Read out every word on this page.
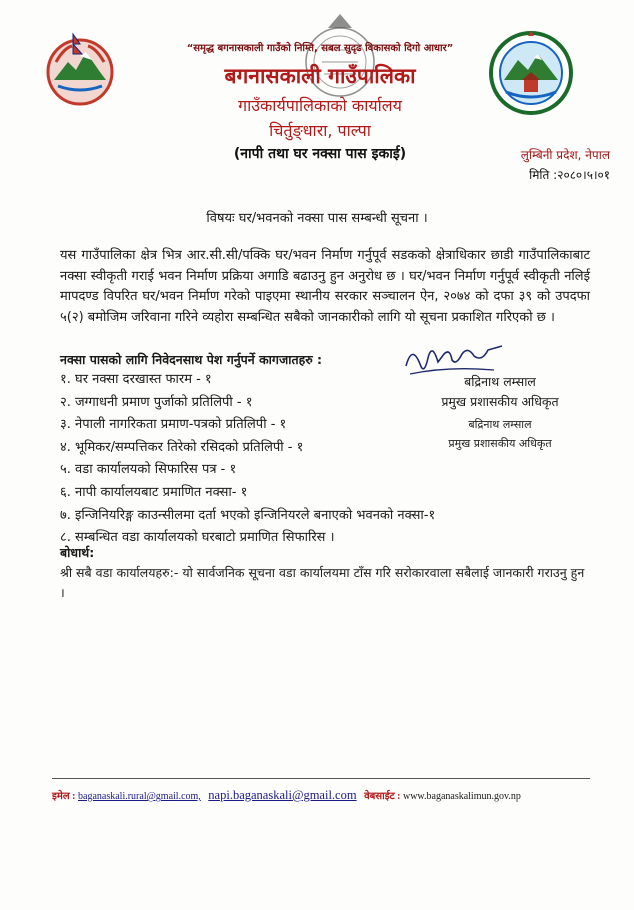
“समृद्ध बगनासकाली गाउँको निम्ति, सबल सुदृढ विकासको दिगो आधार”
बगनासकाली गाउँपालिका
गाउँकार्यपालिकाको कार्यालय
चिर्तुङ्धारा, पाल्पा
(नापी तथा घर नक्सा पास इकाई)	लुम्बिनी प्रदेश, नेपाल
मिति :२०८०।५।०१
विषयः घर/भवनको नक्सा पास सम्बन्धी सूचना ।

यस गाउँपालिका क्षेत्र भित्र आर.सी.सी/पक्कि घर/भवन निर्माण गर्नुपूर्व सडकको क्षेत्राधिकार छाडी गाउँपालिकाबाट नक्सा स्वीकृती गराई भवन निर्माण प्रक्रिया अगाडि बढाउनु हुन अनुरोध छ । घर/भवन निर्माण गर्नुपूर्व स्वीकृती नलिई मापदण्ड विपरित घर/भवन निर्माण गरेको पाइएमा स्थानीय सरकार सञ्चालन ऐन, २०७४ को दफा ३९ को उपदफा ५(२) बमोजिम जरिवाना गरिने व्यहोरा सम्बन्धित सबैको जानकारीको लागि यो सूचना प्रकाशित गरिएको छ ।

नक्सा पासको लागि निवेदनसाथ पेश गर्नुपर्ने कागजातहरु :
१. घर नक्सा दरखास्त फारम - १
२. जग्गाधनी प्रमाण पुर्जाको प्रतिलिपी - १
३. नेपाली नागरिकता प्रमाण-पत्रको प्रतिलिपी - १
४. भूमिकर/सम्पत्तिकर तिरेको रसिदको प्रतिलिपी - १
५. वडा कार्यालयको सिफारिस पत्र - १
६. नापी कार्यालयबाट प्रमाणित नक्सा- १
७. इन्जिनियरिङ्ग काउन्सीलमा दर्ता भएको इन्जिनियरले बनाएको भवनको नक्सा-१
८. सम्बन्धित वडा कार्यालयको घरबाटो प्रमाणित सिफारिस ।
बद्रिनाथ लम्साल
प्रमुख प्रशासकीय अधिकृत
बद्रिनाथ लम्साल
प्रमुख प्रशासकीय अधिकृत
बोधार्थ:
श्री सबै वडा कार्यालयहरु:- यो सार्वजनिक सूचना वडा कार्यालयमा टाँस गरि सरोकारवाला सबैलाई जानकारी गराउनु हुन ।
इमेल : baganaskali.rural@gmail.com, napi.baganaskali@gmail.com वेबसाईट : www.baganaskalimun.gov.np
